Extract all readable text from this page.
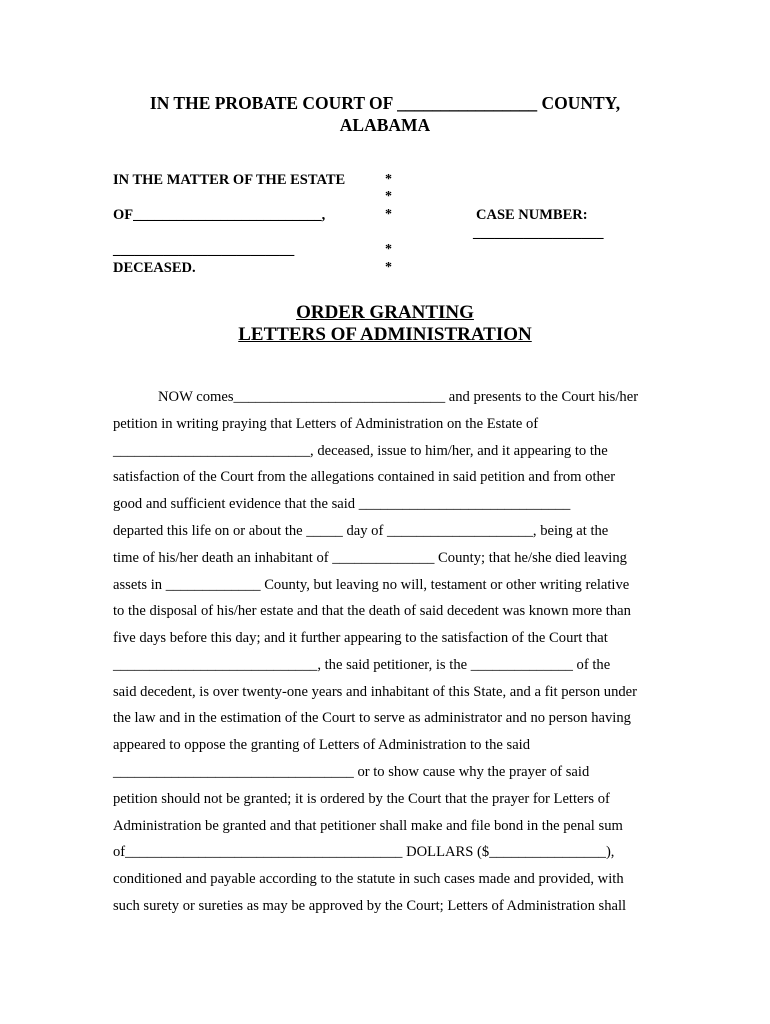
IN THE PROBATE COURT OF ________________ COUNTY,
ALABAMA
IN THE MATTER OF THE ESTATE
OF__________________________,
_________________________
DECEASED.
*
*
*
*
*
CASE NUMBER:
__________________
ORDER GRANTING
LETTERS OF ADMINISTRATION
NOW comes_____________________________ and presents to the Court his/her
petition in writing praying that Letters of Administration on the Estate of
___________________________, deceased, issue to him/her, and it appearing to the
satisfaction of the Court from the allegations contained in said petition and from other
good and sufficient evidence that the said _____________________________
departed this life on or about the _____ day of ____________________, being at the
time of his/her death an inhabitant of ______________ County; that he/she died leaving
assets in _____________ County, but leaving no will, testament or other writing relative
to the disposal of his/her estate and that the death of said decedent was known more than
five days before this day; and it further appearing to the satisfaction of the Court that
____________________________, the said petitioner, is the ______________ of the
said decedent, is over twenty-one years and inhabitant of this State, and a fit person under
the law and in the estimation of the Court to serve as administrator and no person having
appeared to oppose the granting of Letters of Administration to the said
_________________________________ or to show cause why the prayer of said
petition should not be granted; it is ordered by the Court that the prayer for Letters of
Administration be granted and that petitioner shall make and file bond in the penal sum
of______________________________________ DOLLARS ($________________),
conditioned and payable according to the statute in such cases made and provided, with
such surety or sureties as may be approved by the Court; Letters of Administration shall
